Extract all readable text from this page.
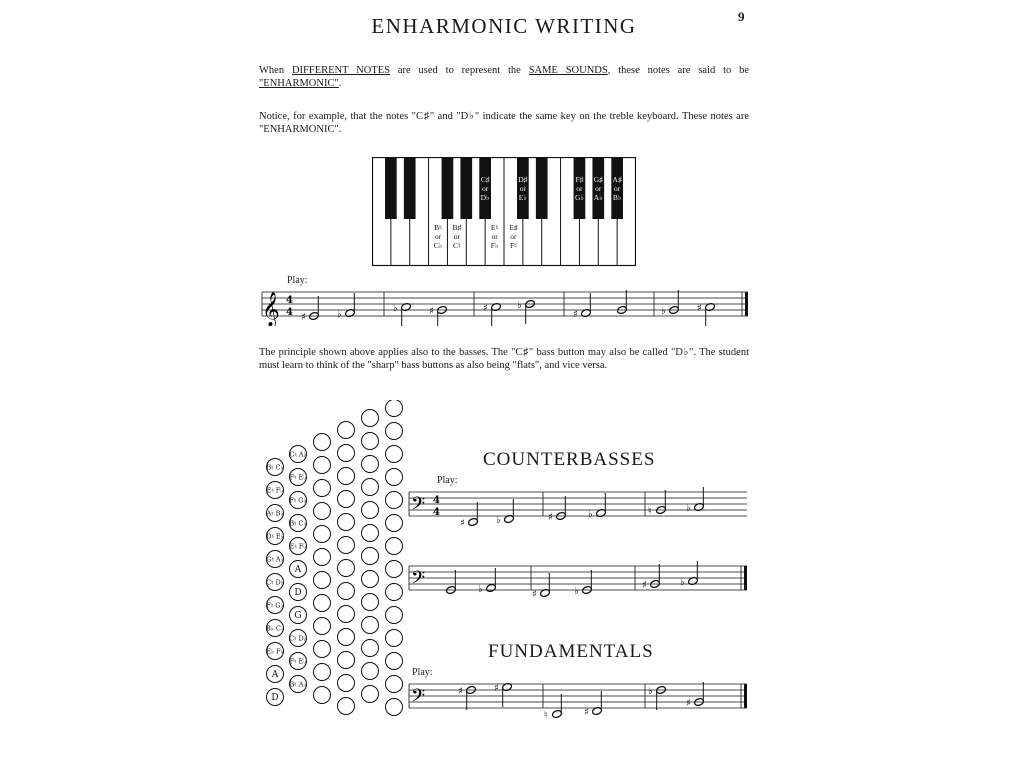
9
ENHARMONIC WRITING
When DIFFERENT NOTES are used to represent the SAME SOUNDS, these notes are said to be "ENHARMONIC".
Notice, for example, that the notes "C♯" and "D♭" indicate the same key on the treble keyboard. These notes are "ENHARMONIC".
C♯
or
D♭
D♯
or
E♭
F♯
or
G♭
G♯
or
A♭
A♯
or
B♭
B♮
or
C♭
B♯
or
C♮
E♮
or
F♭
E♯
or
F♮
Play:
𝄞 4
4 ♯	♭
♭	♯	♯	♭
♯	♭	♯
The principle shown above applies also to the basses. The "C♯" bass button may also be called "D♭". The student must learn to think of the "sharp" bass buttons as also being "flats", and vice versa.
B♮ C♭
E♮ F♭
A♮ B♭
D♮ E♭
G♮ A♭
C♮ D♭
F♮ G♭
B♭ C♭
E♭ F♭
A
D
C♮ A♭
F♮ E♭
F♮ G♭
B♮ C♭
E♮ F♭
A
D
G
C♮ D♭
F♮ E♭
B♮ A♭
COUNTERBASSES
Play:
𝄢 4
4
♯	♭	♯	♭	♮	♭
𝄢	♭	♯	♭
♯	♭
FUNDAMENTALS
Play:
𝄢	♯	♯
♮	♯
♭
♯
